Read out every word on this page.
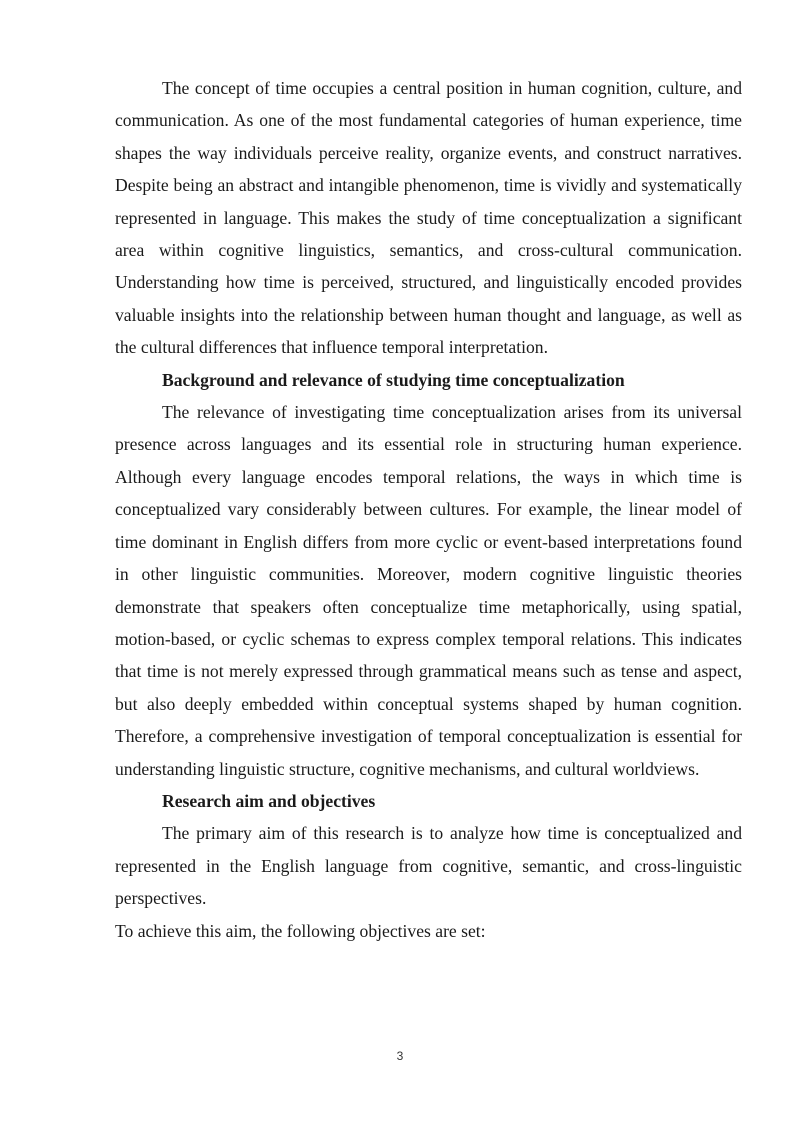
The concept of time occupies a central position in human cognition, culture, and communication. As one of the most fundamental categories of human experience, time shapes the way individuals perceive reality, organize events, and construct narratives. Despite being an abstract and intangible phenomenon, time is vividly and systematically represented in language. This makes the study of time conceptualization a significant area within cognitive linguistics, semantics, and cross-cultural communication. Understanding how time is perceived, structured, and linguistically encoded provides valuable insights into the relationship between human thought and language, as well as the cultural differences that influence temporal interpretation.

Background and relevance of studying time conceptualization

The relevance of investigating time conceptualization arises from its universal presence across languages and its essential role in structuring human experience. Although every language encodes temporal relations, the ways in which time is conceptualized vary considerably between cultures. For example, the linear model of time dominant in English differs from more cyclic or event-based interpretations found in other linguistic communities. Moreover, modern cognitive linguistic theories demonstrate that speakers often conceptualize time metaphorically, using spatial, motion-based, or cyclic schemas to express complex temporal relations. This indicates that time is not merely expressed through grammatical means such as tense and aspect, but also deeply embedded within conceptual systems shaped by human cognition. Therefore, a comprehensive investigation of temporal conceptualization is essential for understanding linguistic structure, cognitive mechanisms, and cultural worldviews.

Research aim and objectives

The primary aim of this research is to analyze how time is conceptualized and represented in the English language from cognitive, semantic, and cross-linguistic perspectives.

To achieve this aim, the following objectives are set:

3
